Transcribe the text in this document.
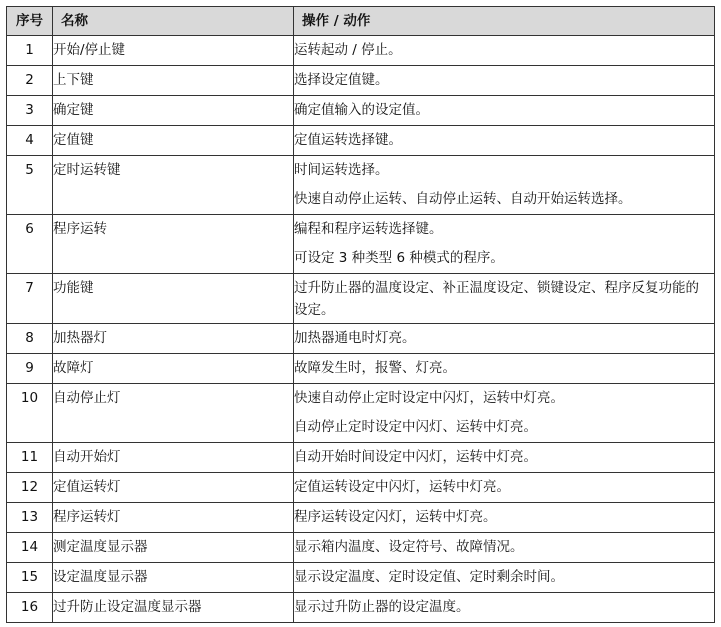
序号	名称	操作 / 动作

1	开始/停止键	运转起动 / 停止。

2	上下键	选择设定值键。

3	确定键	确定值输入的设定值。

4	定值键	定值运转选择键。

5	定时运转键	时间运转选择。
快速自动停止运转、自动停止运转、自动开始运转选择。

6	程序运转	编程和程序运转选择键。
可设定 3 种类型 6 种模式的程序。

7	功能键	过升防止器的温度设定、补正温度设定、锁键设定、程序反复功能的设定。

8	加热器灯	加热器通电时灯亮。

9	故障灯	故障发生时，报警、灯亮。

10	自动停止灯	快速自动停止定时设定中闪灯，运转中灯亮。
自动停止定时设定中闪灯、运转中灯亮。

11	自动开始灯	自动开始时间设定中闪灯，运转中灯亮。

12	定值运转灯	定值运转设定中闪灯，运转中灯亮。

13	程序运转灯	程序运转设定闪灯，运转中灯亮。

14	测定温度显示器	显示箱内温度、设定符号、故障情况。

15	设定温度显示器	显示设定温度、定时设定值、定时剩余时间。

16	过升防止设定温度显示器	显示过升防止器的设定温度。
